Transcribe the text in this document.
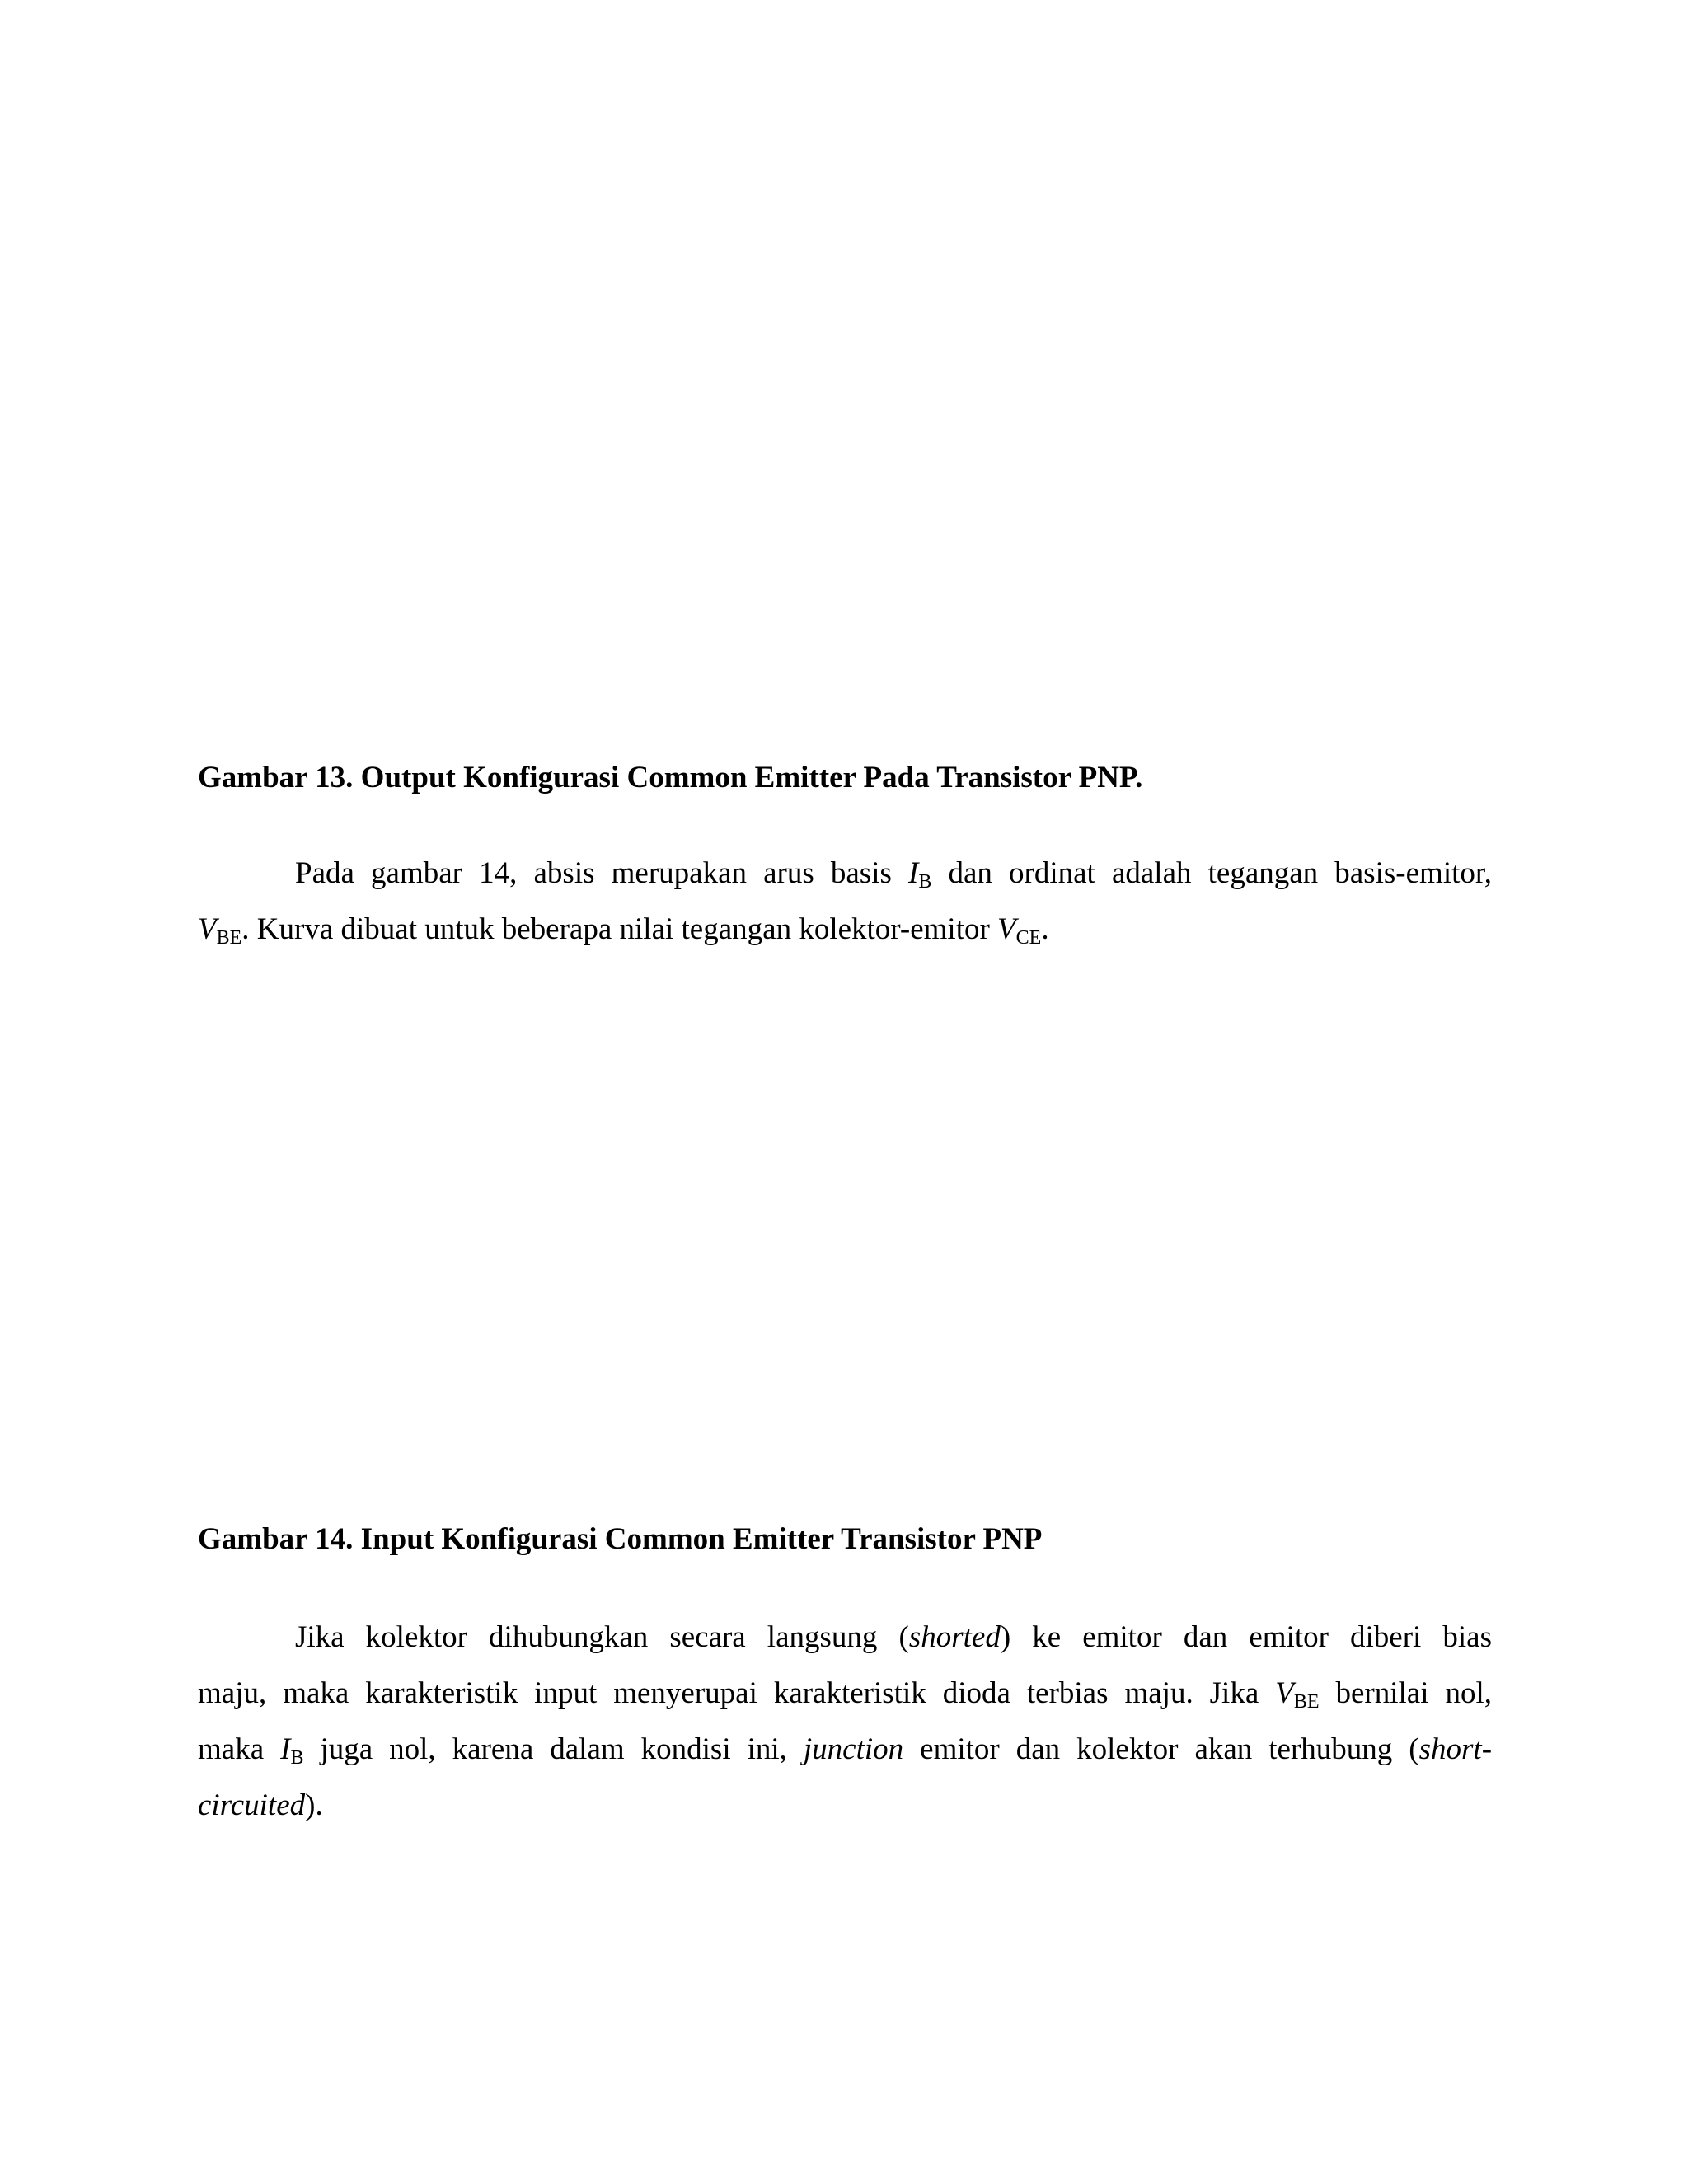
Gambar 13. Output Konfigurasi Common Emitter Pada Transistor PNP.
Pada gambar 14, absis merupakan arus basis $I_B$ dan ordinat adalah tegangan basis-emitor,
$V_{BE}$. Kurva dibuat untuk beberapa nilai tegangan kolektor-emitor $V_{CE}$.
Gambar 14. Input Konfigurasi Common Emitter Transistor PNP
Jika kolektor dihubungkan secara langsung (shorted) ke emitor dan emitor diberi bias
maju, maka karakteristik input menyerupai karakteristik dioda terbias maju. Jika $V_{BE}$ bernilai nol,
maka $I_B$ juga nol, karena dalam kondisi ini, junction emitor dan kolektor akan terhubung (short-
circuited).
